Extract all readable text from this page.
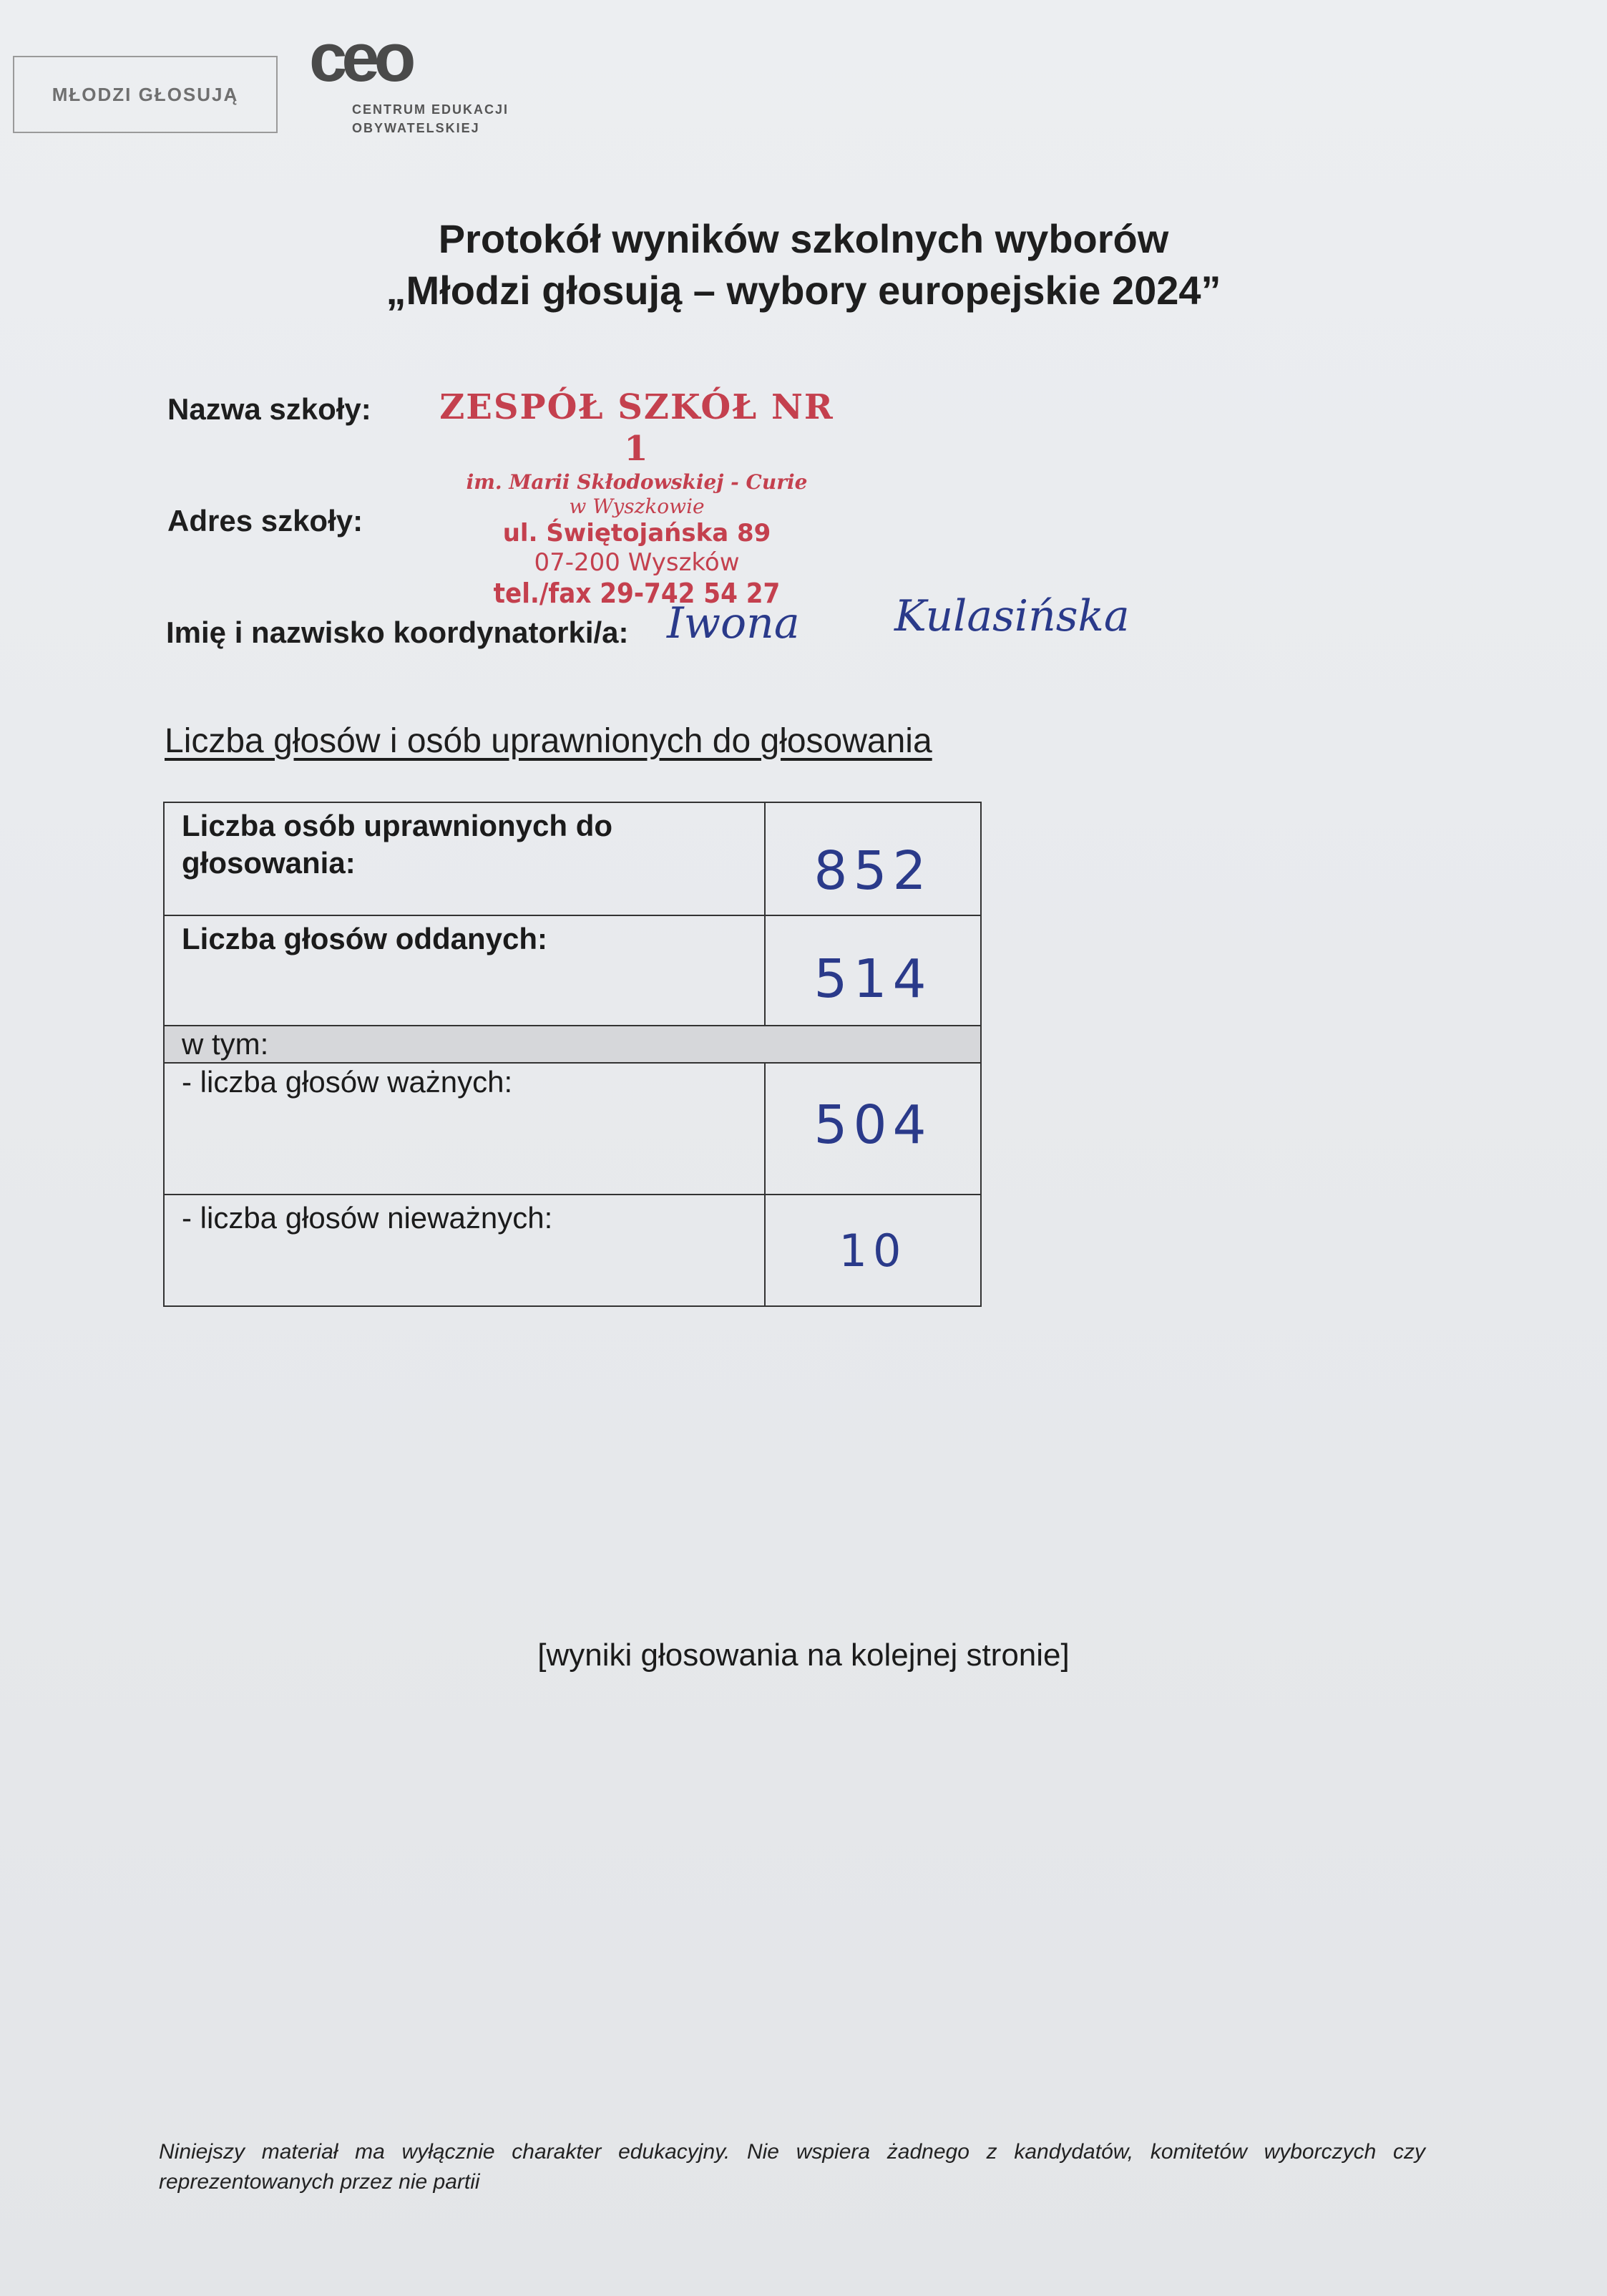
MŁODZI GŁOSUJĄ ceo
CENTRUM EDUKACJI
OBYWATELSKIEJ
Protokół wyników szkolnych wyborów
„Młodzi głosują – wybory europejskie 2024”
Nazwa szkoły:
Adres szkoły:
ZESPÓŁ SZKÓŁ NR 1
im. Marii Skłodowskiej - Curie
w Wyszkowie
ul. Świętojańska 89
07-200 Wyszków
tel./fax 29-742 54 27
Imię i nazwisko koordynatorki/a: Iwona Kulasińska
Liczba głosów i osób uprawnionych do głosowania
Liczba osób uprawnionych do głosowania:	852
Liczba głosów oddanych:
514
w tym:
- liczba głosów ważnych:
504
- liczba głosów nieważnych:
10
[wyniki głosowania na kolejnej stronie]
Niniejszy materiał ma wyłącznie charakter edukacyjny. Nie wspiera żadnego z kandydatów, komitetów wyborczych czy reprezentowanych przez nie partii
